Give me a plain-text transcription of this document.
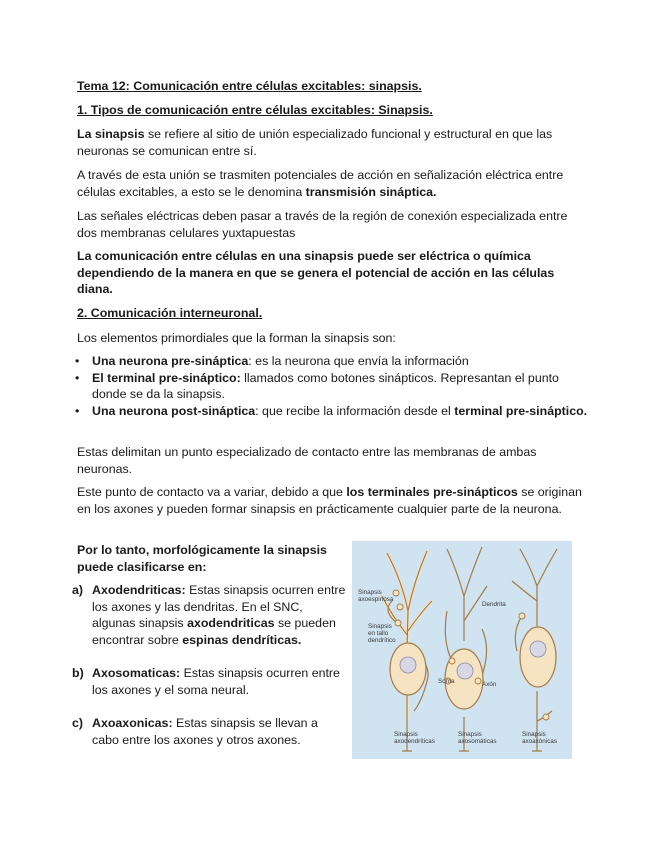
Tema 12: Comunicación entre células excitables: sinapsis.

1. Tipos de comunicación entre células excitables: Sinapsis.

La sinapsis se refiere al sitio de unión especializado funcional y estructural en que las neuronas se comunican entre sí.

A través de esta unión se trasmiten potenciales de acción en señalización eléctrica entre células excitables, a esto se le denomina transmisión sináptica.

Las señales eléctricas deben pasar a través de la región de conexión especializada entre dos membranas celulares yuxtapuestas

La comunicación entre células en una sinapsis puede ser eléctrica o química dependiendo de la manera en que se genera el potencial de acción en las células diana.

2. Comunicación interneuronal.

Los elementos primordiales que la forman la sinapsis son:

• Una neurona pre-sináptica: es la neurona que envía la información
• El terminal pre-sináptico: llamados como botones sinápticos. Represantan el punto donde se da la sinapsis.
• Una neurona post-sináptica: que recibe la información desde el terminal pre-sináptico.

Estas delimitan un punto especializado de contacto entre las membranas de ambas neuronas.

Este punto de contacto va a variar, debido a que los terminales pre-sinápticos se originan en los axones y pueden formar sinapsis en prácticamente cualquier parte de la neurona.

Por lo tanto, morfológicamente la sinapsis puede clasificarse en:

a) Axodendriticas: Estas sinapsis ocurren entre los axones y las dendritas. En el SNC, algunas sinapsis axodendriticas se pueden encontrar sobre espinas dendríticas.
b) Axosomaticas: Estas sinapsis ocurren entre los axones y el soma neural.
c) Axoaxonicas: Estas sinapsis se llevan a cabo entre los axones y otros axones.
Sinapsis
axoespinosa
Sinapsis
en tallo
dendrítico
Dendrita
Soma	Axón
Sinapsis
axodendríticas
Sinapsis
axosomáticas
Sinapsis
axoaxónicas
